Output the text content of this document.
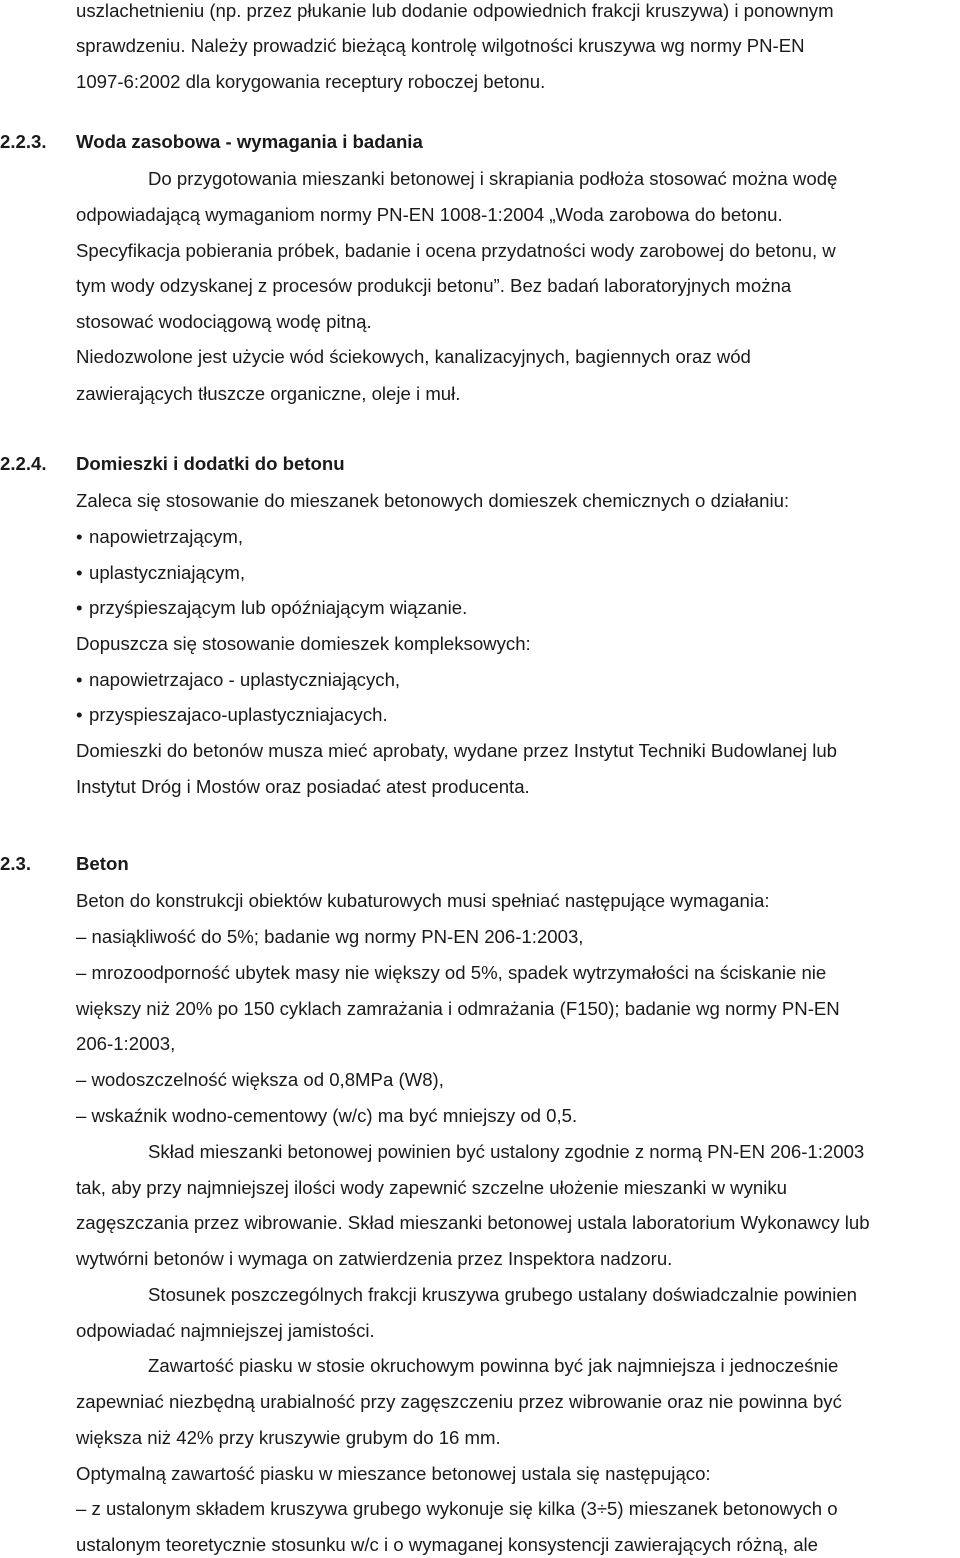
uszlachetnieniu (np. przez płukanie lub dodanie odpowiednich frakcji kruszywa) i ponownym
sprawdzeniu. Należy prowadzić bieżącą kontrolę wilgotności kruszywa wg normy PN-EN
1097-6:2002 dla korygowania receptury roboczej betonu.
2.2.3. Woda zasobowa - wymagania i badania
Do przygotowania mieszanki betonowej i skrapiania podłoża stosować można wodę
odpowiadającą wymaganiom normy PN-EN 1008-1:2004 „Woda zarobowa do betonu.
Specyfikacja pobierania próbek, badanie i ocena przydatności wody zarobowej do betonu, w
tym wody odzyskanej z procesów produkcji betonu”. Bez badań laboratoryjnych można
stosować wodociągową wodę pitną.
Niedozwolone jest użycie wód ściekowych, kanalizacyjnych, bagiennych oraz wód
zawierających tłuszcze organiczne, oleje i muł.
2.2.4. Domieszki i dodatki do betonu
Zaleca się stosowanie do mieszanek betonowych domieszek chemicznych o działaniu:
• napowietrzającym,
• uplastyczniającym,
• przyśpieszającym lub opóźniającym wiązanie.
Dopuszcza się stosowanie domieszek kompleksowych:
• napowietrzajaco - uplastyczniających,
• przyspieszajaco-uplastyczniajacych.
Domieszki do betonów musza mieć aprobaty, wydane przez Instytut Techniki Budowlanej lub
Instytut Dróg i Mostów oraz posiadać atest producenta.
2.3. Beton
Beton do konstrukcji obiektów kubaturowych musi spełniać następujące wymagania:
– nasiąkliwość do 5%; badanie wg normy PN-EN 206-1:2003,
– mrozoodporność ubytek masy nie większy od 5%, spadek wytrzymałości na ściskanie nie
większy niż 20% po 150 cyklach zamrażania i odmrażania (F150); badanie wg normy PN-EN
206-1:2003,
– wodoszczelność większa od 0,8MPa (W8),
– wskaźnik wodno-cementowy (w/c) ma być mniejszy od 0,5.
Skład mieszanki betonowej powinien być ustalony zgodnie z normą PN-EN 206-1:2003
tak, aby przy najmniejszej ilości wody zapewnić szczelne ułożenie mieszanki w wyniku
zagęszczania przez wibrowanie. Skład mieszanki betonowej ustala laboratorium Wykonawcy lub
wytwórni betonów i wymaga on zatwierdzenia przez Inspektora nadzoru.
Stosunek poszczególnych frakcji kruszywa grubego ustalany doświadczalnie powinien
odpowiadać najmniejszej jamistości.
Zawartość piasku w stosie okruchowym powinna być jak najmniejsza i jednocześnie
zapewniać niezbędną urabialność przy zagęszczeniu przez wibrowanie oraz nie powinna być
większa niż 42% przy kruszywie grubym do 16 mm.
Optymalną zawartość piasku w mieszance betonowej ustala się następująco:
– z ustalonym składem kruszywa grubego wykonuje się kilka (3÷5) mieszanek betonowych o
ustalonym teoretycznie stosunku w/c i o wymaganej konsystencji zawierających różną, ale
